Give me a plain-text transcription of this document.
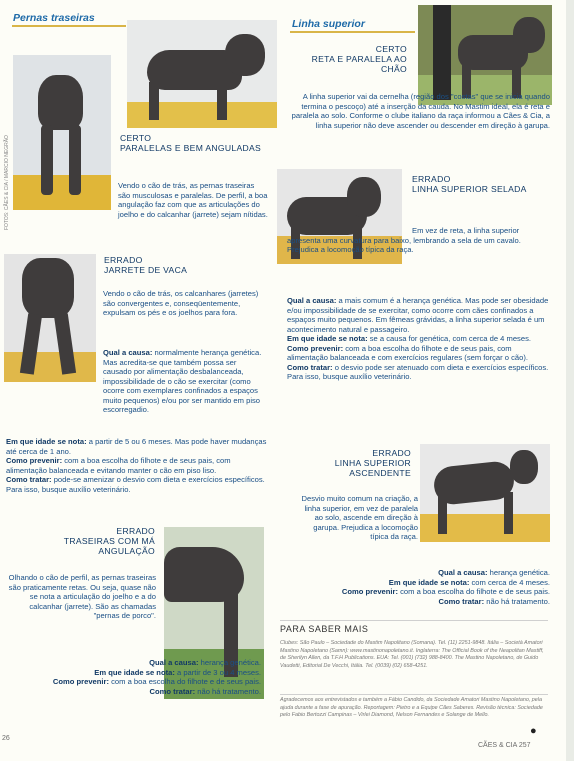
Pernas traseiras	Linha superior
FOTOS: CÃES & CIA / MARCIO NEGRÃO	CERTO
PARALELAS E BEM ANGULADAS

Vendo o cão de trás, as pernas traseiras são musculosas e paralelas. De perfil, a boa angulação faz com que as articulações do joelho e do calcanhar (jarrete) sejam nítidas.

ERRADO
JARRETE DE VACA

Vendo o cão de trás, os calcanhares (jarretes) são convergentes e, conseqüentemente, expulsam os pés e os joelhos para fora.

Qual a causa: normalmente herança genética. Mas acredita-se que também possa ser causado por alimentação desbalanceada, impossibilidade de o cão se exercitar (como ocorre com exemplares confinados a espaços muito pequenos) e/ou por ser mantido em piso escorregadio.
Em que idade se nota: a partir de 5 ou 6 meses. Mas pode haver mudanças até cerca de 1 ano.
Como prevenir: com a boa escolha do filhote e de seus pais, com alimentação balanceada e evitando manter o cão em piso liso.
Como tratar: pode-se amenizar o desvio com dieta e exercícios específicos. Para isso, busque auxílio veterinário.
ERRADO
TRASEIRAS COM MÁ ANGULAÇÃO

Olhando o cão de perfil, as pernas traseiras são praticamente retas. Ou seja, quase não se nota a articulação do joelho e a do calcanhar (jarrete). São as chamadas "pernas de porco".

Qual a causa: herança genética.
Em que idade se nota: a partir de 3 ou 4 meses.
Como prevenir: com a boa escolha do filhote e de seus pais.
Como tratar: não há tratamento.
CERTO
RETA E PARALELA AO CHÃO

A linha superior vai da cernelha (região dos "costas" que se inicia quando termina o pescoço) até a inserção da cauda. No Mastim ideal, ela é reta e paralela ao solo. Conforme o clube italiano da raça informou a Cães & Cia, a linha superior não deve ascender ou descender em direção à garupa.

ERRADO
LINHA SUPERIOR SELADA

Em vez de reta, a linha superior apresenta uma curvatura para baixo, lembrando a sela de um cavalo. Prejudica a locomoção típica da raça.

Qual a causa: a mais comum é a herança genética. Mas pode ser obesidade e/ou impossibilidade de se exercitar, como ocorre com cães confinados a espaços muito pequenos. Em fêmeas grávidas, a linha superior selada é um acontecimento natural e passageiro.
Em que idade se nota: se a causa for genética, com cerca de 4 meses.
Como prevenir: com a boa escolha do filhote e de seus pais, com alimentação balanceada e com exercícios regulares (sem forçar o cão).
Como tratar: o desvio pode ser atenuado com dieta e exercícios específicos. Para isso, busque auxílio veterinário.
ERRADO
LINHA SUPERIOR ASCENDENTE

Desvio muito comum na criação, a linha superior, em vez de paralela ao solo, ascende em direção à garupa. Prejudica a locomoção típica da raça.

Qual a causa: herança genética.
Em que idade se nota: com cerca de 4 meses.
Como prevenir: com a boa escolha do filhote e de seus pais.
Como tratar: não há tratamento.
PARA SABER MAIS

Clubes: São Paulo – Sociedade do Mastim Napolitano (Somana). Tel. (11) 2251-9848. Itália – Società Amatori Mastino Napoletano (Samn): www.mastinonapoletano.it. Inglaterra: The Official Book of the Neapolitan Mastiff, de Sherilyn Allen, da T.F.H Publications. EUA: Tel. (001) (732) 988-8400. The Mastino Napoletano, de Guido Vaudetti, Editorial De Vecchi, Itália. Tel. (0039) (02) 658-4251.

Agradecemos aos entrevistados e também a Fábio Candido, da Sociedade Amatori Mastino Napoletano, pela ajuda durante a fase de apuração. Reportagem: Pietro e a Equipe Cães Saberes. Revisão técnica: Sociedade pelo Fabio Bertozzi Campinas – Virlei Diamond, Nelson Fernandes e Solange de Mello.

26
CÃES & CIA 257
●
